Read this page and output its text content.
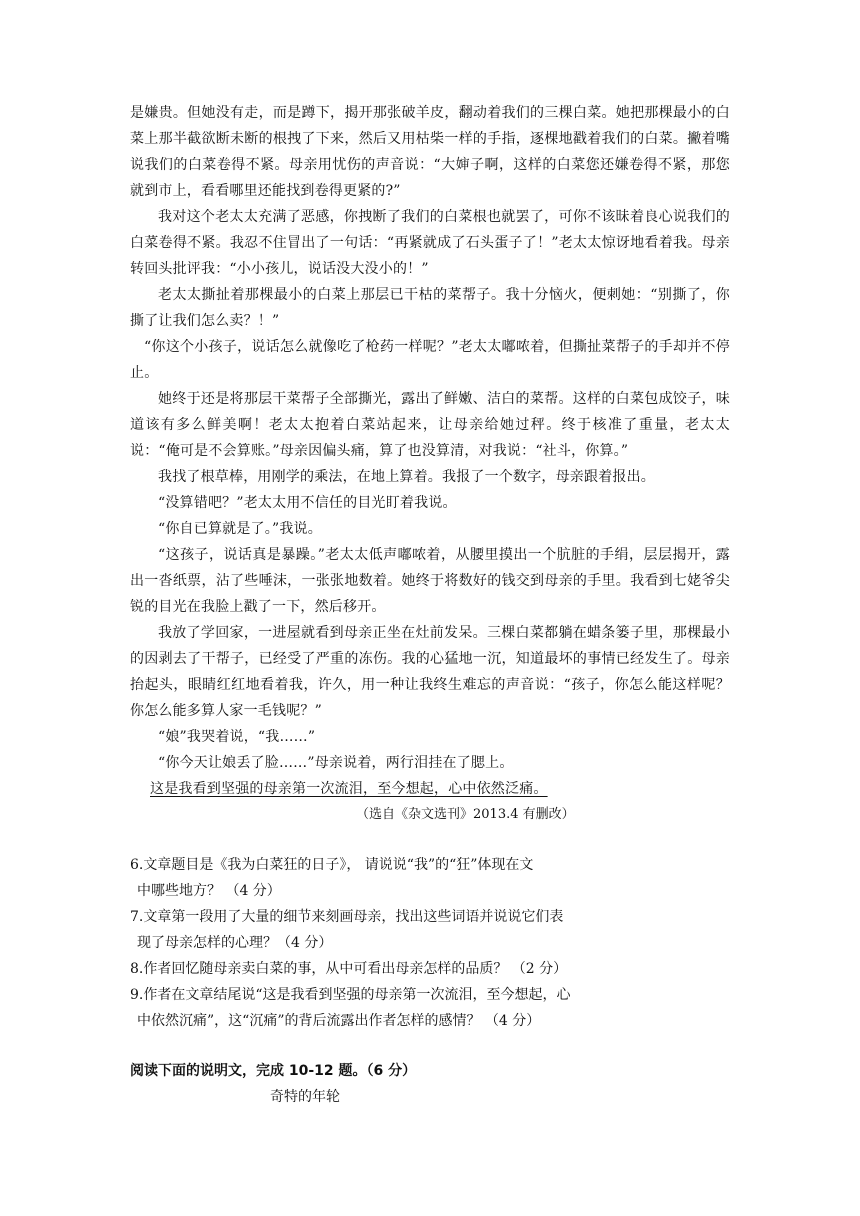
是嫌贵。但她没有走，而是蹲下，揭开那张破羊皮，翻动着我们的三棵白菜。她把那棵最小的白菜上那半截欲断未断的根拽了下来，然后又用枯柴一样的手指，逐棵地戳着我们的白菜。撇着嘴说我们的白菜卷得不紧。母亲用忧伤的声音说：“大婶子啊，这样的白菜您还嫌卷得不紧，那您就到市上，看看哪里还能找到卷得更紧的?”

我对这个老太太充满了恶感，你拽断了我们的白菜根也就罢了，可你不该昧着良心说我们的白菜卷得不紧。我忍不住冒出了一句话：“再紧就成了石头蛋子了！”老太太惊讶地看着我。母亲转回头批评我：“小小孩儿，说话没大没小的！”

老太太撕扯着那棵最小的白菜上那层已干枯的菜帮子。我十分恼火，便刺她：“别撕了，你撕了让我们怎么卖？！”

“你这个小孩子，说话怎么就像吃了枪药一样呢？”老太太嘟哝着，但撕扯菜帮子的手却并不停止。

她终于还是将那层干菜帮子全部撕光，露出了鲜嫩、洁白的菜帮。这样的白菜包成饺子，味道该有多么鲜美啊！老太太抱着白菜站起来，让母亲给她过秤。终于核准了重量，老太太说：“俺可是不会算账。”母亲因偏头痛，算了也没算清，对我说：“社斗，你算。”

我找了根草棒，用刚学的乘法，在地上算着。我报了一个数字，母亲跟着报出。

“没算错吧？”老太太用不信任的目光盯着我说。

“你自已算就是了。”我说。

“这孩子，说话真是暴躁。”老太太低声嘟哝着，从腰里摸出一个肮脏的手绢，层层揭开，露出一沓纸票，沾了些唾沫，一张张地数着。她终于将数好的钱交到母亲的手里。我看到七姥爷尖锐的目光在我脸上戳了一下，然后移开。

我放了学回家，一进屋就看到母亲正坐在灶前发呆。三棵白菜都躺在蜡条篓子里，那棵最小的因剥去了干帮子，已经受了严重的冻伤。我的心猛地一沉，知道最坏的事情已经发生了。母亲抬起头，眼睛红红地看着我，许久，用一种让我终生难忘的声音说：“孩子，你怎么能这样呢？你怎么能多算人家一毛钱呢？”

“娘”我哭着说，“我……”

“你今天让娘丢了脸……”母亲说着，两行泪挂在了腮上。

这是我看到坚强的母亲第一次流泪，至今想起，心中依然泛痛。

（选自《杂文选刊》2013.4 有删改）

6.文章题目是《我为白菜狂的日子》， 请说说“我”的“狂”体现在文
中哪些地方？ （4 分）

7.文章第一段用了大量的细节来刻画母亲，找出这些词语并说说它们表
现了母亲怎样的心理？（4 分）

8.作者回忆随母亲卖白菜的事，从中可看出母亲怎样的品质？ （2 分）

9.作者在文章结尾说“这是我看到坚强的母亲第一次流泪，至今想起，心
中依然沉痛”，这“沉痛”的背后流露出作者怎样的感情？ （4 分）

阅读下面的说明文，完成 10-12 题。（6 分）

奇特的年轮
